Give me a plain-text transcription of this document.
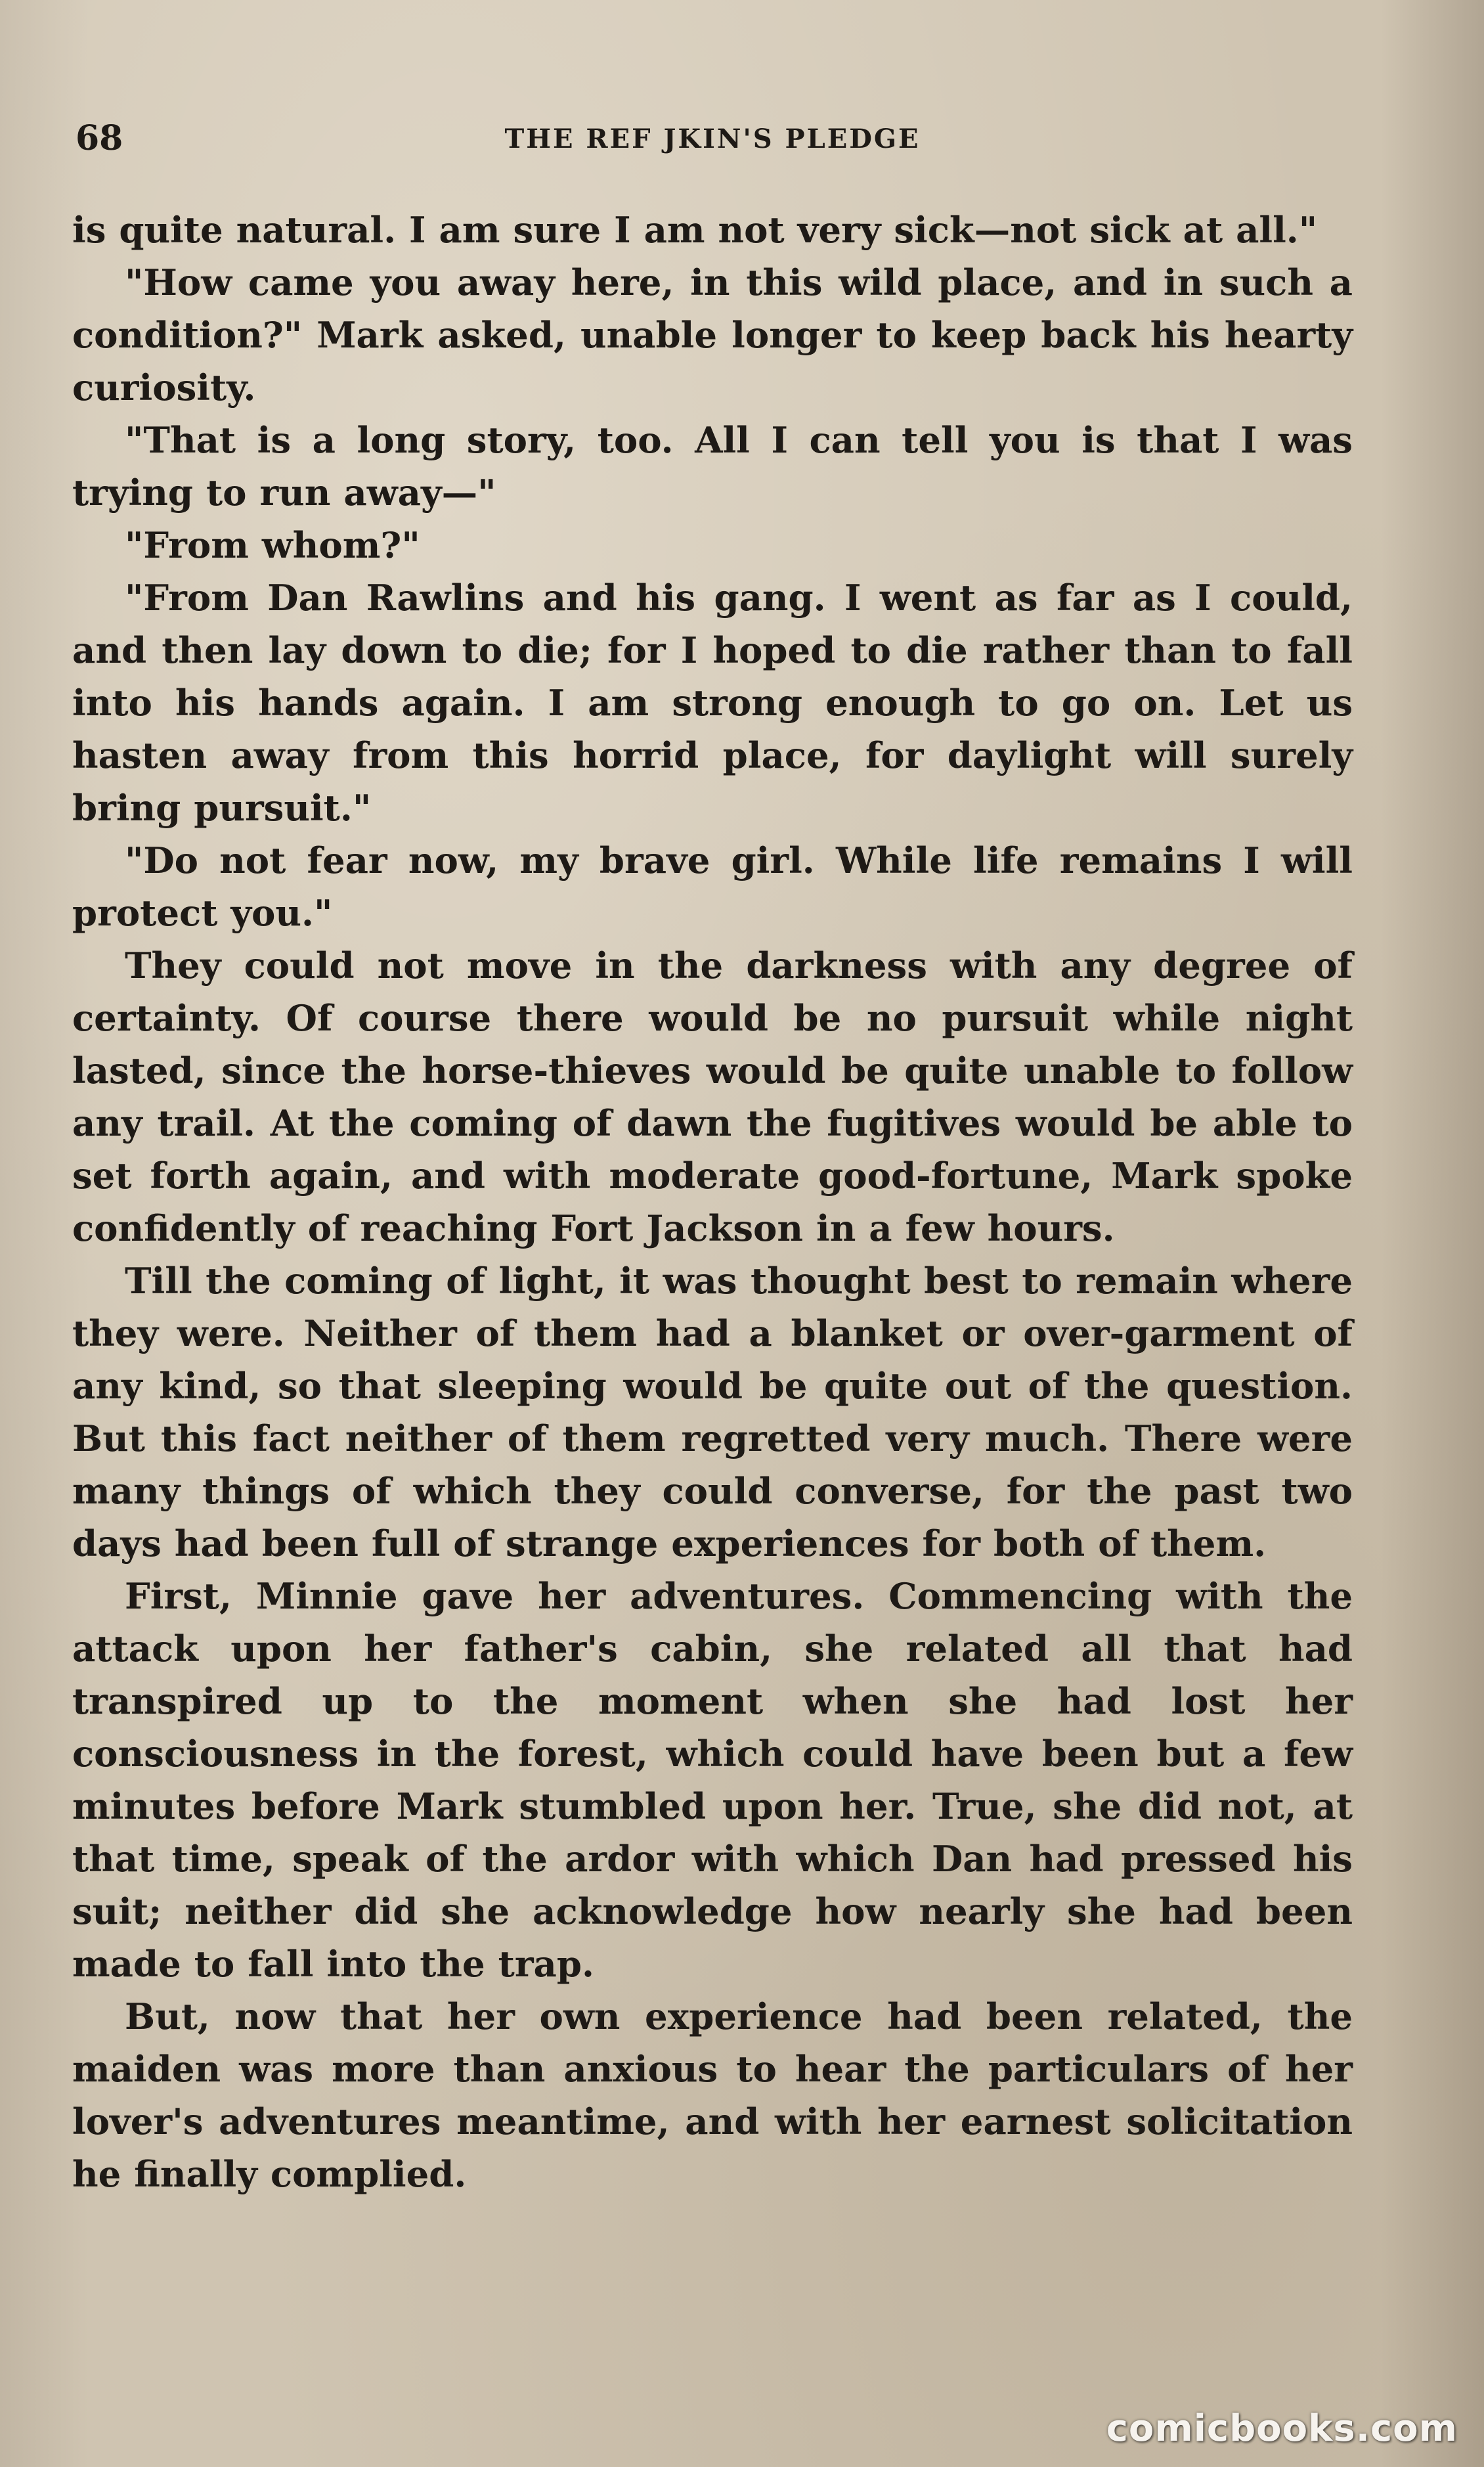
68	THE REF JKIN'S PLEDGE

is quite natural. I am sure I am not very sick—not sick at all."

"How came you away here, in this wild place, and in such a condition?" Mark asked, unable longer to keep back his hearty curiosity.

"That is a long story, too. All I can tell you is that I was trying to run away—"

"From whom?"

"From Dan Rawlins and his gang. I went as far as I could, and then lay down to die; for I hoped to die rather than to fall into his hands again. I am strong enough to go on. Let us hasten away from this horrid place, for daylight will surely bring pursuit."

"Do not fear now, my brave girl. While life remains I will protect you."

They could not move in the darkness with any degree of certainty. Of course there would be no pursuit while night lasted, since the horse-thieves would be quite unable to follow any trail. At the coming of dawn the fugitives would be able to set forth again, and with moderate good-fortune, Mark spoke confidently of reaching Fort Jackson in a few hours.

Till the coming of light, it was thought best to remain where they were. Neither of them had a blanket or over-garment of any kind, so that sleeping would be quite out of the question. But this fact neither of them regretted very much. There were many things of which they could converse, for the past two days had been full of strange experiences for both of them.

First, Minnie gave her adventures. Commencing with the attack upon her father's cabin, she related all that had transpired up to the moment when she had lost her consciousness in the forest, which could have been but a few minutes before Mark stumbled upon her. True, she did not, at that time, speak of the ardor with which Dan had pressed his suit; neither did she acknowledge how nearly she had been made to fall into the trap.

But, now that her own experience had been related, the maiden was more than anxious to hear the particulars of her lover's adventures meantime, and with her earnest solicitation he finally complied.

comicbooks.com
